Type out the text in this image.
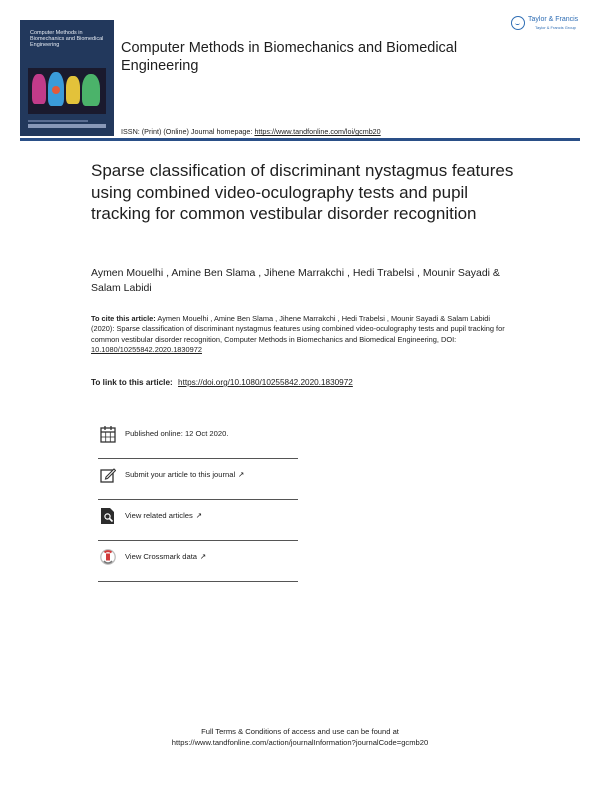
Computer Methods in Biomechanics and Biomedical Engineering	Computer Methods in Biomechanics and Biomedical Engineering
Taylor & Francis
Taylor & Francis Group
ISSN: (Print) (Online) Journal homepage: https://www.tandfonline.com/loi/gcmb20
Sparse classification of discriminant nystagmus features using combined video-oculography tests and pupil tracking for common vestibular disorder recognition
Aymen Mouelhi , Amine Ben Slama , Jihene Marrakchi , Hedi Trabelsi , Mounir Sayadi & Salam Labidi
To cite this article: Aymen Mouelhi , Amine Ben Slama , Jihene Marrakchi , Hedi Trabelsi , Mounir Sayadi & Salam Labidi (2020): Sparse classification of discriminant nystagmus features using combined video-oculography tests and pupil tracking for common vestibular disorder recognition, Computer Methods in Biomechanics and Biomedical Engineering, DOI: 10.1080/10255842.2020.1830972
To link to this article: https://doi.org/10.1080/10255842.2020.1830972
Published online: 12 Oct 2020.
Submit your article to this journal ↗
View related articles ↗
View Crossmark data ↗
Full Terms & Conditions of access and use can be found at
https://www.tandfonline.com/action/journalInformation?journalCode=gcmb20
